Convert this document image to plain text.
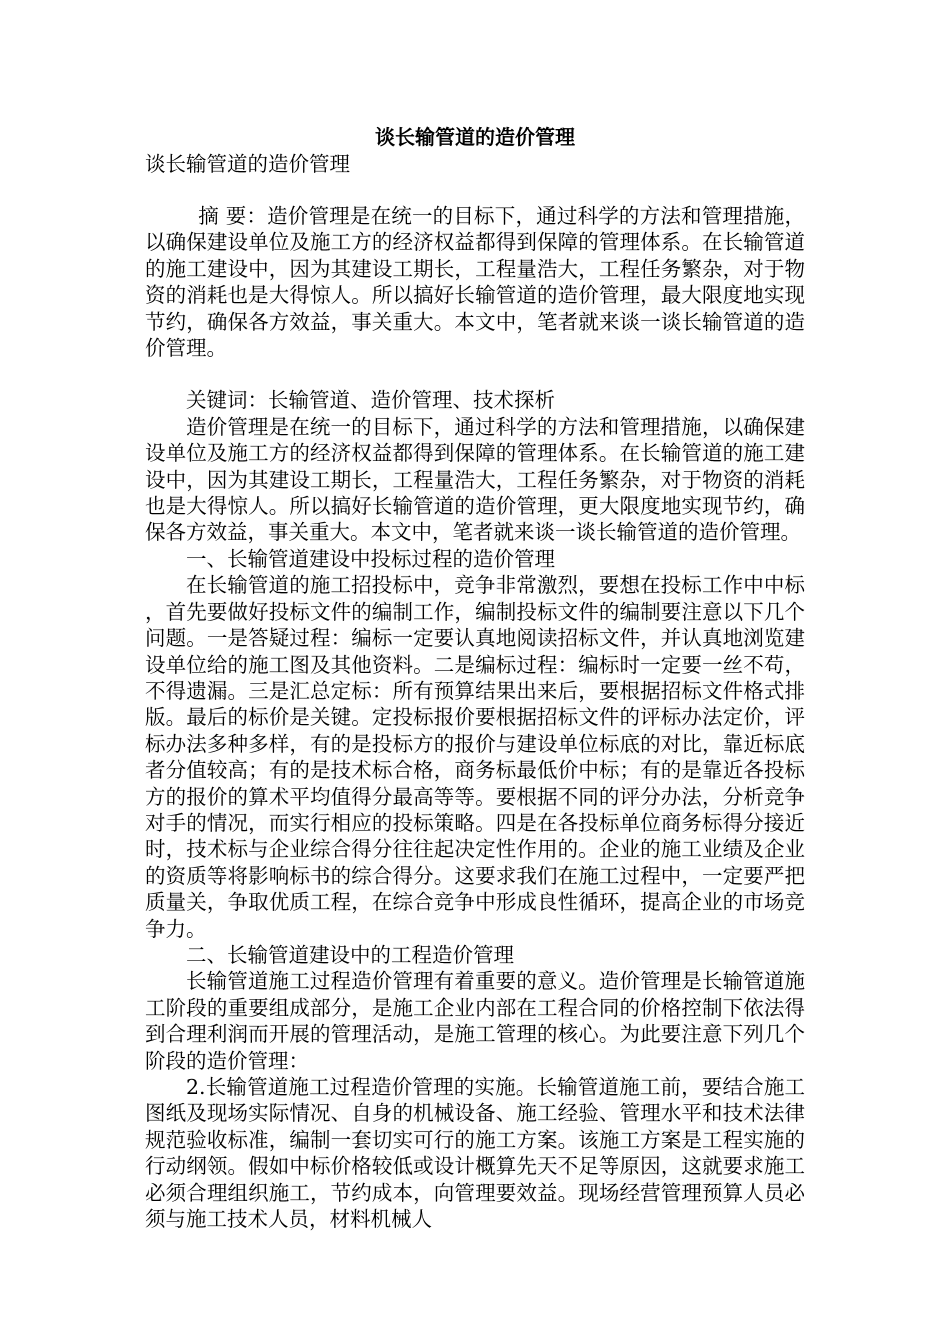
谈长输管道的造价管理

谈长输管道的造价管理

摘 要：造价管理是在统一的目标下，通过科学的方法和管理措施，以确保建设单位及施工方的经济权益都得到保障的管理体系。在长输管道的施工建设中，因为其建设工期长，工程量浩大，工程任务繁杂，对于物资的消耗也是大得惊人。所以搞好长输管道的造价管理，最大限度地实现节约，确保各方效益，事关重大。本文中，笔者就来谈一谈长输管道的造价管理。

关键词：长输管道、造价管理、技术探析

造价管理是在统一的目标下，通过科学的方法和管理措施，以确保建设单位及施工方的经济权益都得到保障的管理体系。在长输管道的施工建设中，因为其建设工期长，工程量浩大，工程任务繁杂，对于物资的消耗也是大得惊人。所以搞好长输管道的造价管理，更大限度地实现节约，确保各方效益，事关重大。本文中，笔者就来谈一谈长输管道的造价管理。

一、长输管道建设中投标过程的造价管理

在长输管道的施工招投标中，竞争非常激烈，要想在投标工作中中标，首先要做好投标文件的编制工作，编制投标文件的编制要注意以下几个问题。一是答疑过程：编标一定要认真地阅读招标文件，并认真地浏览建设单位给的施工图及其他资料。二是编标过程：编标时一定要一丝不苟，不得遗漏。三是汇总定标：所有预算结果出来后，要根据招标文件格式排版。最后的标价是关键。定投标报价要根据招标文件的评标办法定价，评标办法多种多样，有的是投标方的报价与建设单位标底的对比，靠近标底者分值较高；有的是技术标合格，商务标最低价中标；有的是靠近各投标方的报价的算术平均值得分最高等等。要根据不同的评分办法，分析竞争对手的情况，而实行相应的投标策略。四是在各投标单位商务标得分接近时，技术标与企业综合得分往往起决定性作用的。企业的施工业绩及企业的资质等将影响标书的综合得分。这要求我们在施工过程中，一定要严把质量关，争取优质工程，在综合竞争中形成良性循环，提高企业的市场竞争力。

二、长输管道建设中的工程造价管理

长输管道施工过程造价管理有着重要的意义。造价管理是长输管道施工阶段的重要组成部分，是施工企业内部在工程合同的价格控制下依法得到合理利润而开展的管理活动，是施工管理的核心。为此要注意下列几个阶段的造价管理：

2.长输管道施工过程造价管理的实施。长输管道施工前，要结合施工图纸及现场实际情况、自身的机械设备、施工经验、管理水平和技术法律规范验收标准，编制一套切实可行的施工方案。该施工方案是工程实施的行动纲领。假如中标价格较低或设计概算先天不足等原因，这就要求施工必须合理组织施工，节约成本，向管理要效益。现场经营管理预算人员必须与施工技术人员，材料机械人
